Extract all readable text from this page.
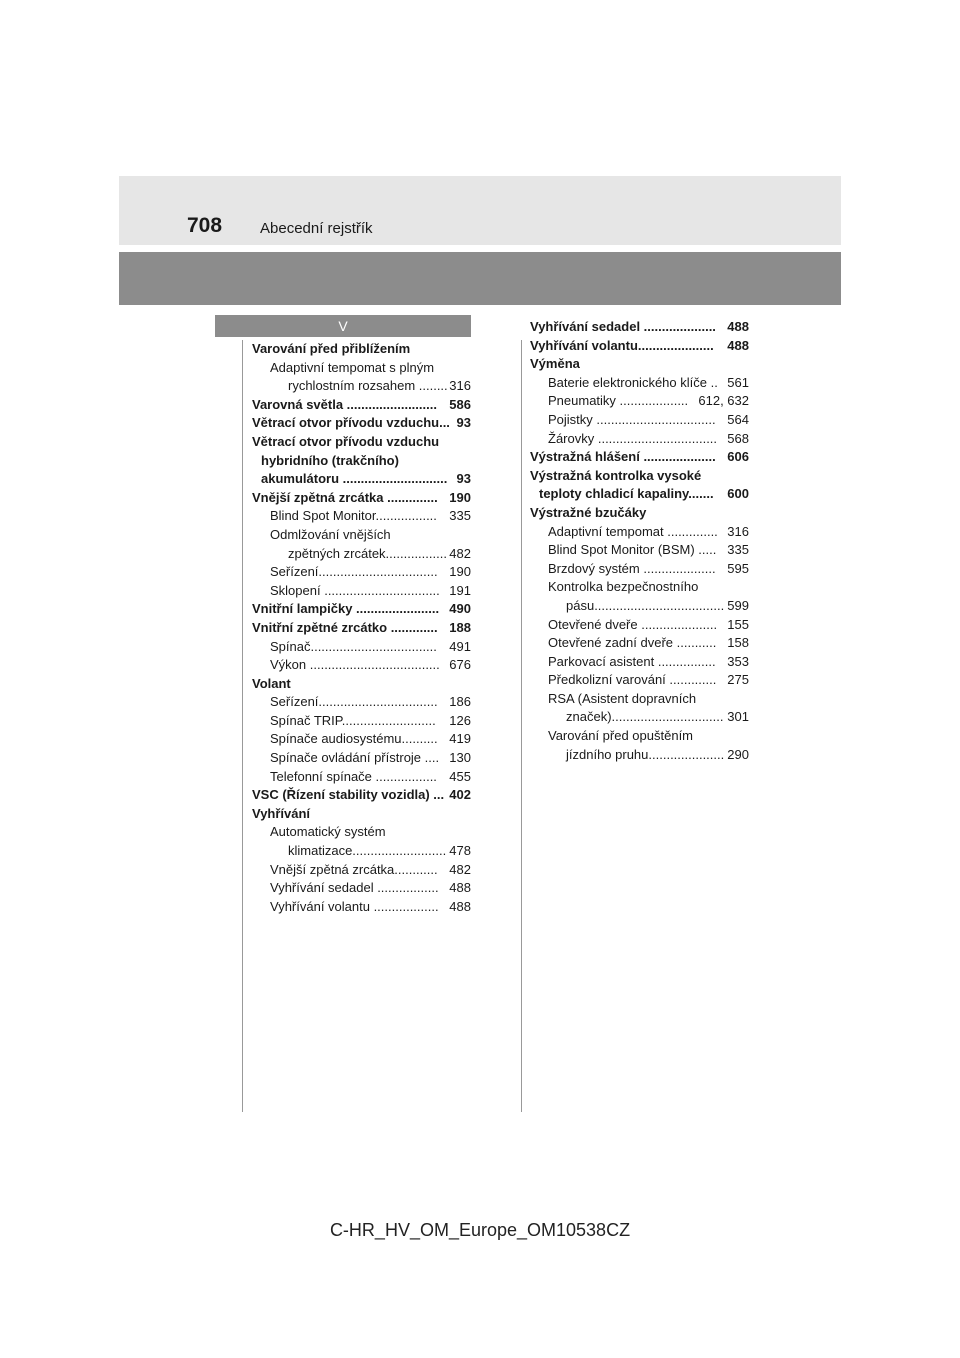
708	Abecední rejstřík
V
Varování před přiblížením
Adaptivní tempomat s plným
rychlostním rozsahem ........ 316
Varovná světla ......................... 586
Větrací otvor přívodu vzduchu... 93
Větrací otvor přívodu vzduchu
hybridního (trakčního)
akumulátoru ............................. 93
Vnější zpětná zrcátka .............. 190
Blind Spot Monitor................. 335
Odmlžování vnějších
zpětných zrcátek................. 482
Seřízení................................. 190
Sklopení ................................ 191
Vnitřní lampičky ....................... 490
Vnitřní zpětné zrcátko ............. 188
Spínač................................... 491
Výkon .................................... 676
Volant
Seřízení................................. 186
Spínač TRIP.......................... 126
Spínače audiosystému.......... 419
Spínače ovládání přístroje .... 130
Telefonní spínače ................. 455
VSC (Řízení stability vozidla) ... 402
Vyhřívání
Automatický systém
klimatizace.......................... 478
Vnější zpětná zrcátka............ 482
Vyhřívání sedadel ................. 488
Vyhřívání volantu .................. 488
Vyhřívání sedadel .................... 488
Vyhřívání volantu..................... 488
Výměna
Baterie elektronického klíče .. 561
Pneumatiky ................... 612, 632
Pojistky ................................. 564
Žárovky ................................. 568
Výstražná hlášení .................... 606
Výstražná kontrolka vysoké
teploty chladicí kapaliny....... 600
Výstražné bzučáky
Adaptivní tempomat .............. 316
Blind Spot Monitor (BSM) ..... 335
Brzdový systém .................... 595
Kontrolka bezpečnostního
pásu.................................... 599
Otevřené dveře ..................... 155
Otevřené zadní dveře ........... 158
Parkovací asistent ................ 353
Předkolizní varování ............. 275
RSA (Asistent dopravních
značek)............................... 301
Varování před opuštěním
jízdního pruhu..................... 290
C-HR_HV_OM_Europe_OM10538CZ
